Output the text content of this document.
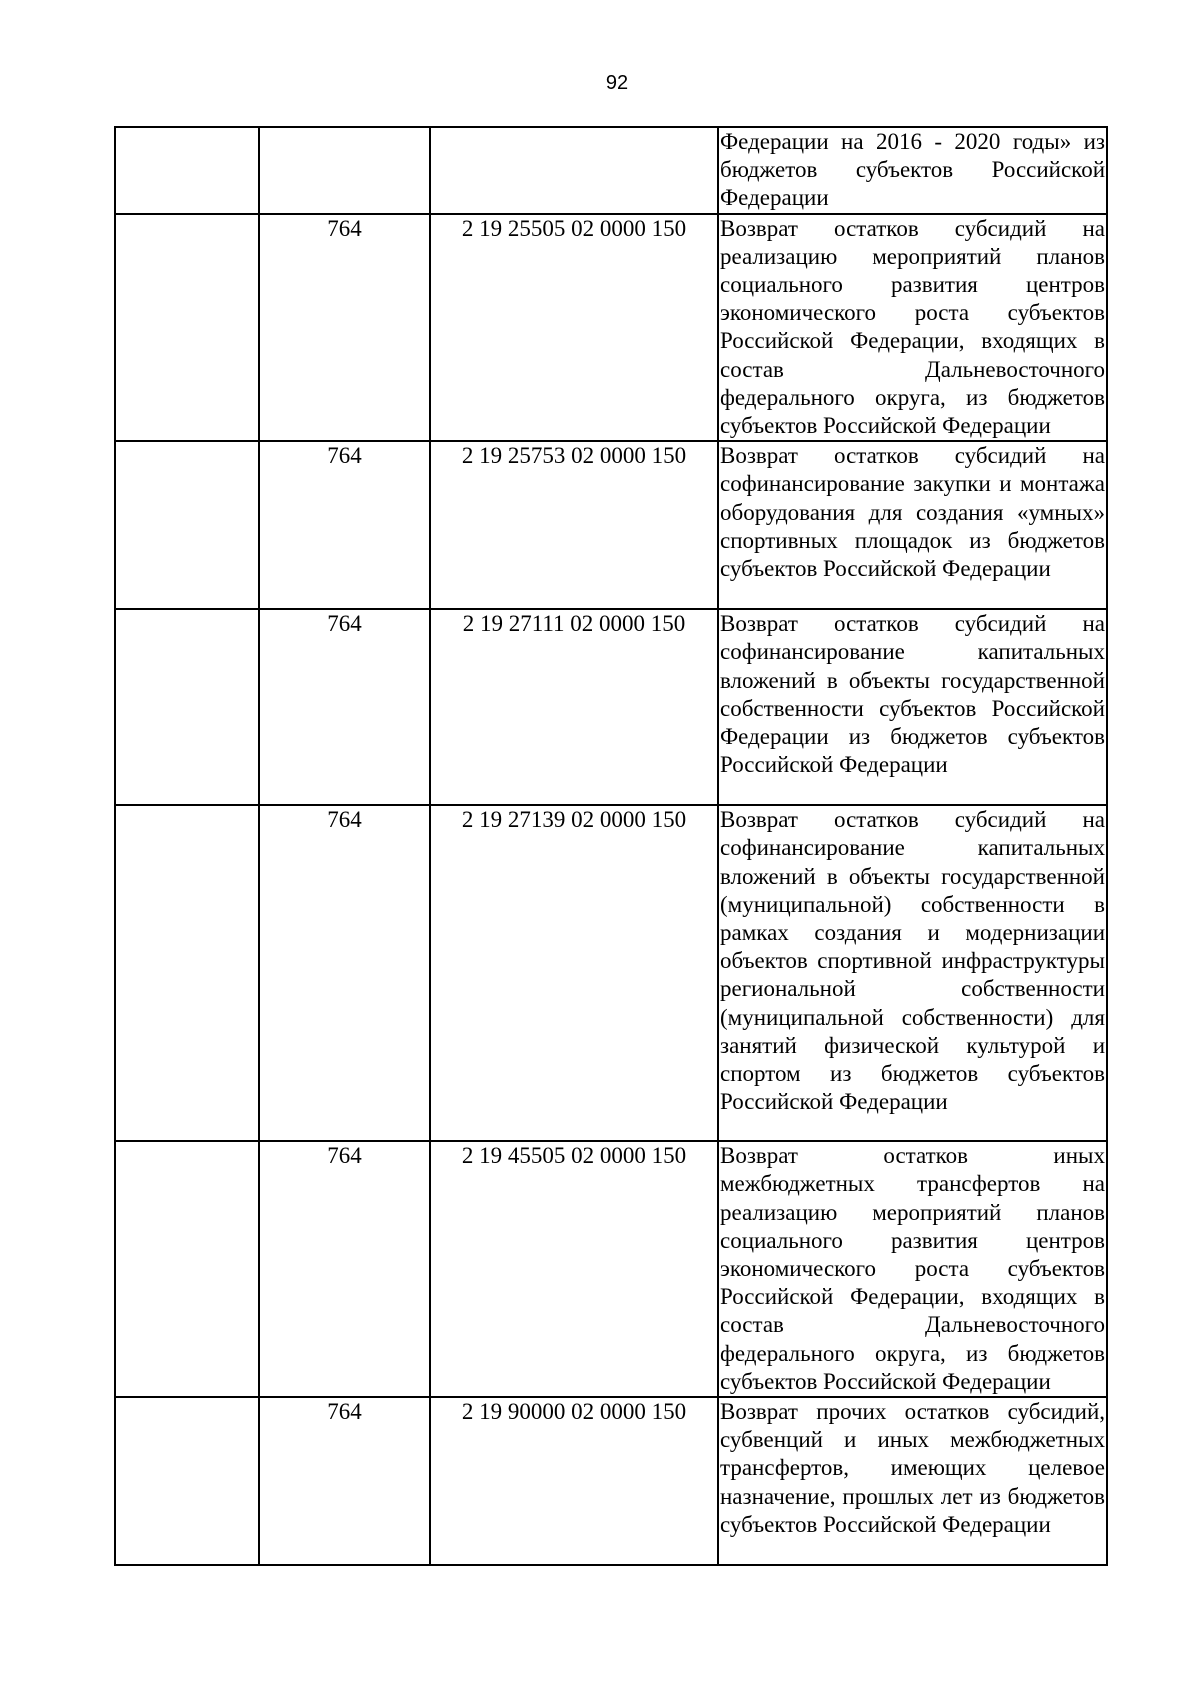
92
			Федерации на 2016 - 2020 годы» из бюджетов субъектов Российской Федерации
	764	2 19 25505 02 0000 150	Возврат остатков субсидий на реализацию мероприятий планов социального развития центров экономического роста субъектов Российской Федерации, входящих в состав Дальневосточного федерального округа, из бюджетов субъектов Российской Федерации
	764	2 19 25753 02 0000 150	Возврат остатков субсидий на софинансирование закупки и монтажа оборудования для создания «умных» спортивных площадок из бюджетов субъектов Российской Федерации
	764	2 19 27111 02 0000 150	Возврат остатков субсидий на софинансирование капитальных вложений в объекты государственной собственности субъектов Российской Федерации из бюджетов субъектов Российской Федерации
	764	2 19 27139 02 0000 150	Возврат остатков субсидий на софинансирование капитальных вложений в объекты государственной (муниципальной) собственности в рамках создания и модернизации объектов спортивной инфраструктуры региональной собственности (муниципальной собственности) для занятий физической культурой и спортом из бюджетов субъектов Российской Федерации
	764	2 19 45505 02 0000 150	Возврат остатков иных межбюджетных трансфертов на реализацию мероприятий планов социального развития центров экономического роста субъектов Российской Федерации, входящих в состав Дальневосточного федерального округа, из бюджетов субъектов Российской Федерации
	764	2 19 90000 02 0000 150	Возврат прочих остатков субсидий, субвенций и иных межбюджетных трансфертов, имеющих целевое назначение, прошлых лет из бюджетов субъектов Российской Федерации
